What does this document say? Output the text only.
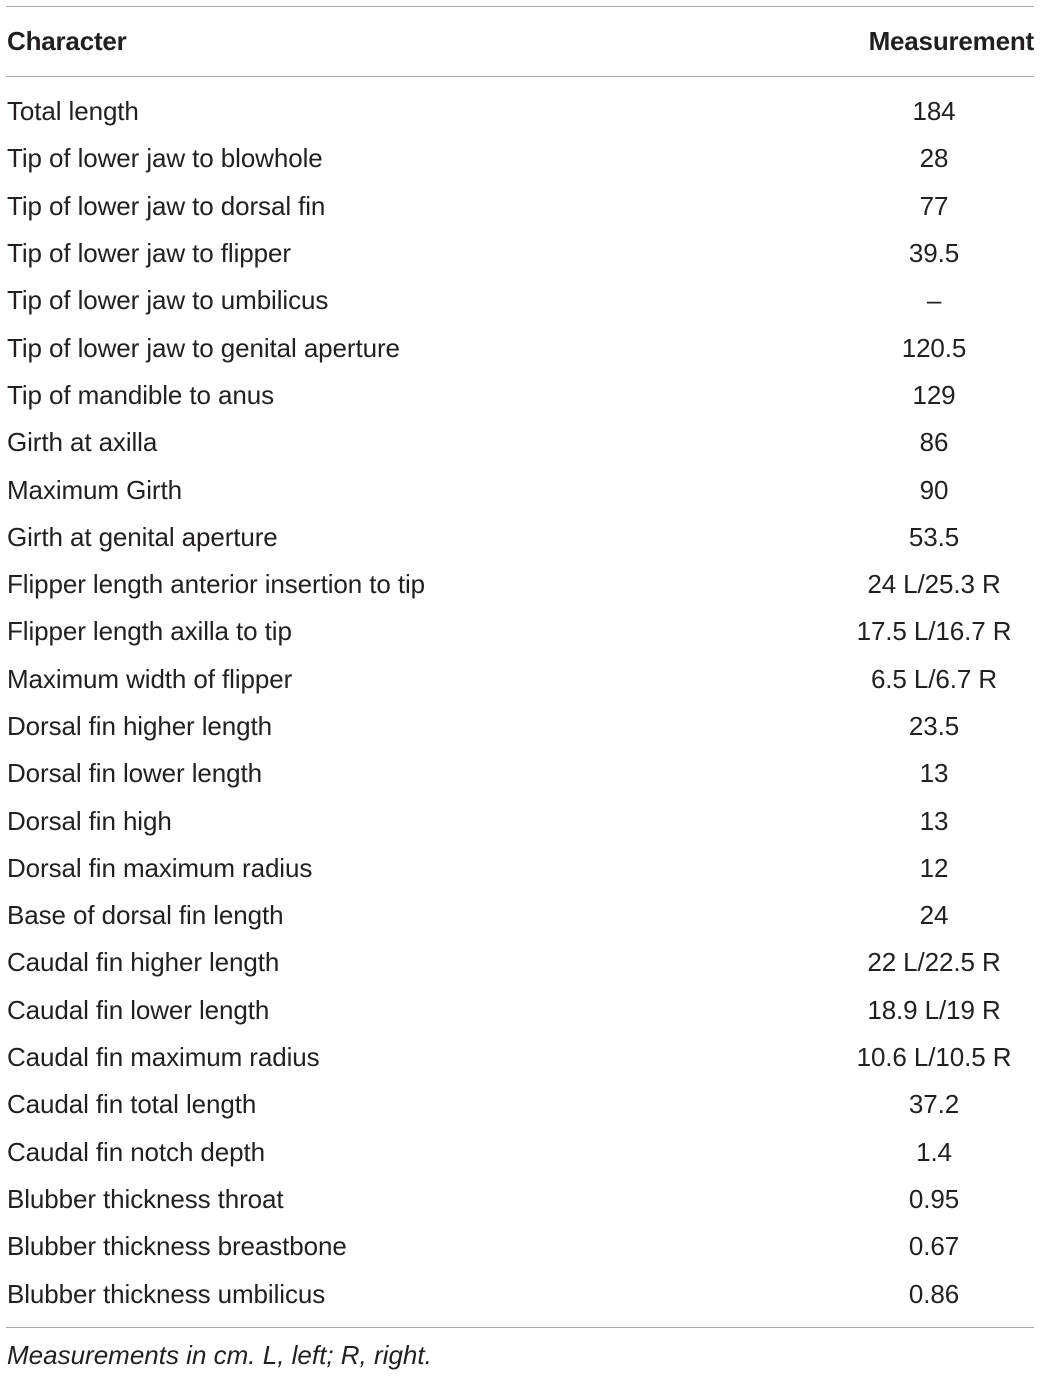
Character	Measurement
Total length	184
Tip of lower jaw to blowhole	28
Tip of lower jaw to dorsal fin	77
Tip of lower jaw to flipper	39.5
Tip of lower jaw to umbilicus	–
Tip of lower jaw to genital aperture	120.5
Tip of mandible to anus	129
Girth at axilla	86
Maximum Girth	90
Girth at genital aperture	53.5
Flipper length anterior insertion to tip	24 L/25.3 R
Flipper length axilla to tip	17.5 L/16.7 R
Maximum width of flipper	6.5 L/6.7 R
Dorsal fin higher length	23.5
Dorsal fin lower length	13
Dorsal fin high	13
Dorsal fin maximum radius	12
Base of dorsal fin length	24
Caudal fin higher length	22 L/22.5 R
Caudal fin lower length	18.9 L/19 R
Caudal fin maximum radius	10.6 L/10.5 R
Caudal fin total length	37.2
Caudal fin notch depth	1.4
Blubber thickness throat	0.95
Blubber thickness breastbone	0.67
Blubber thickness umbilicus	0.86
Measurements in cm. L, left; R, right.
